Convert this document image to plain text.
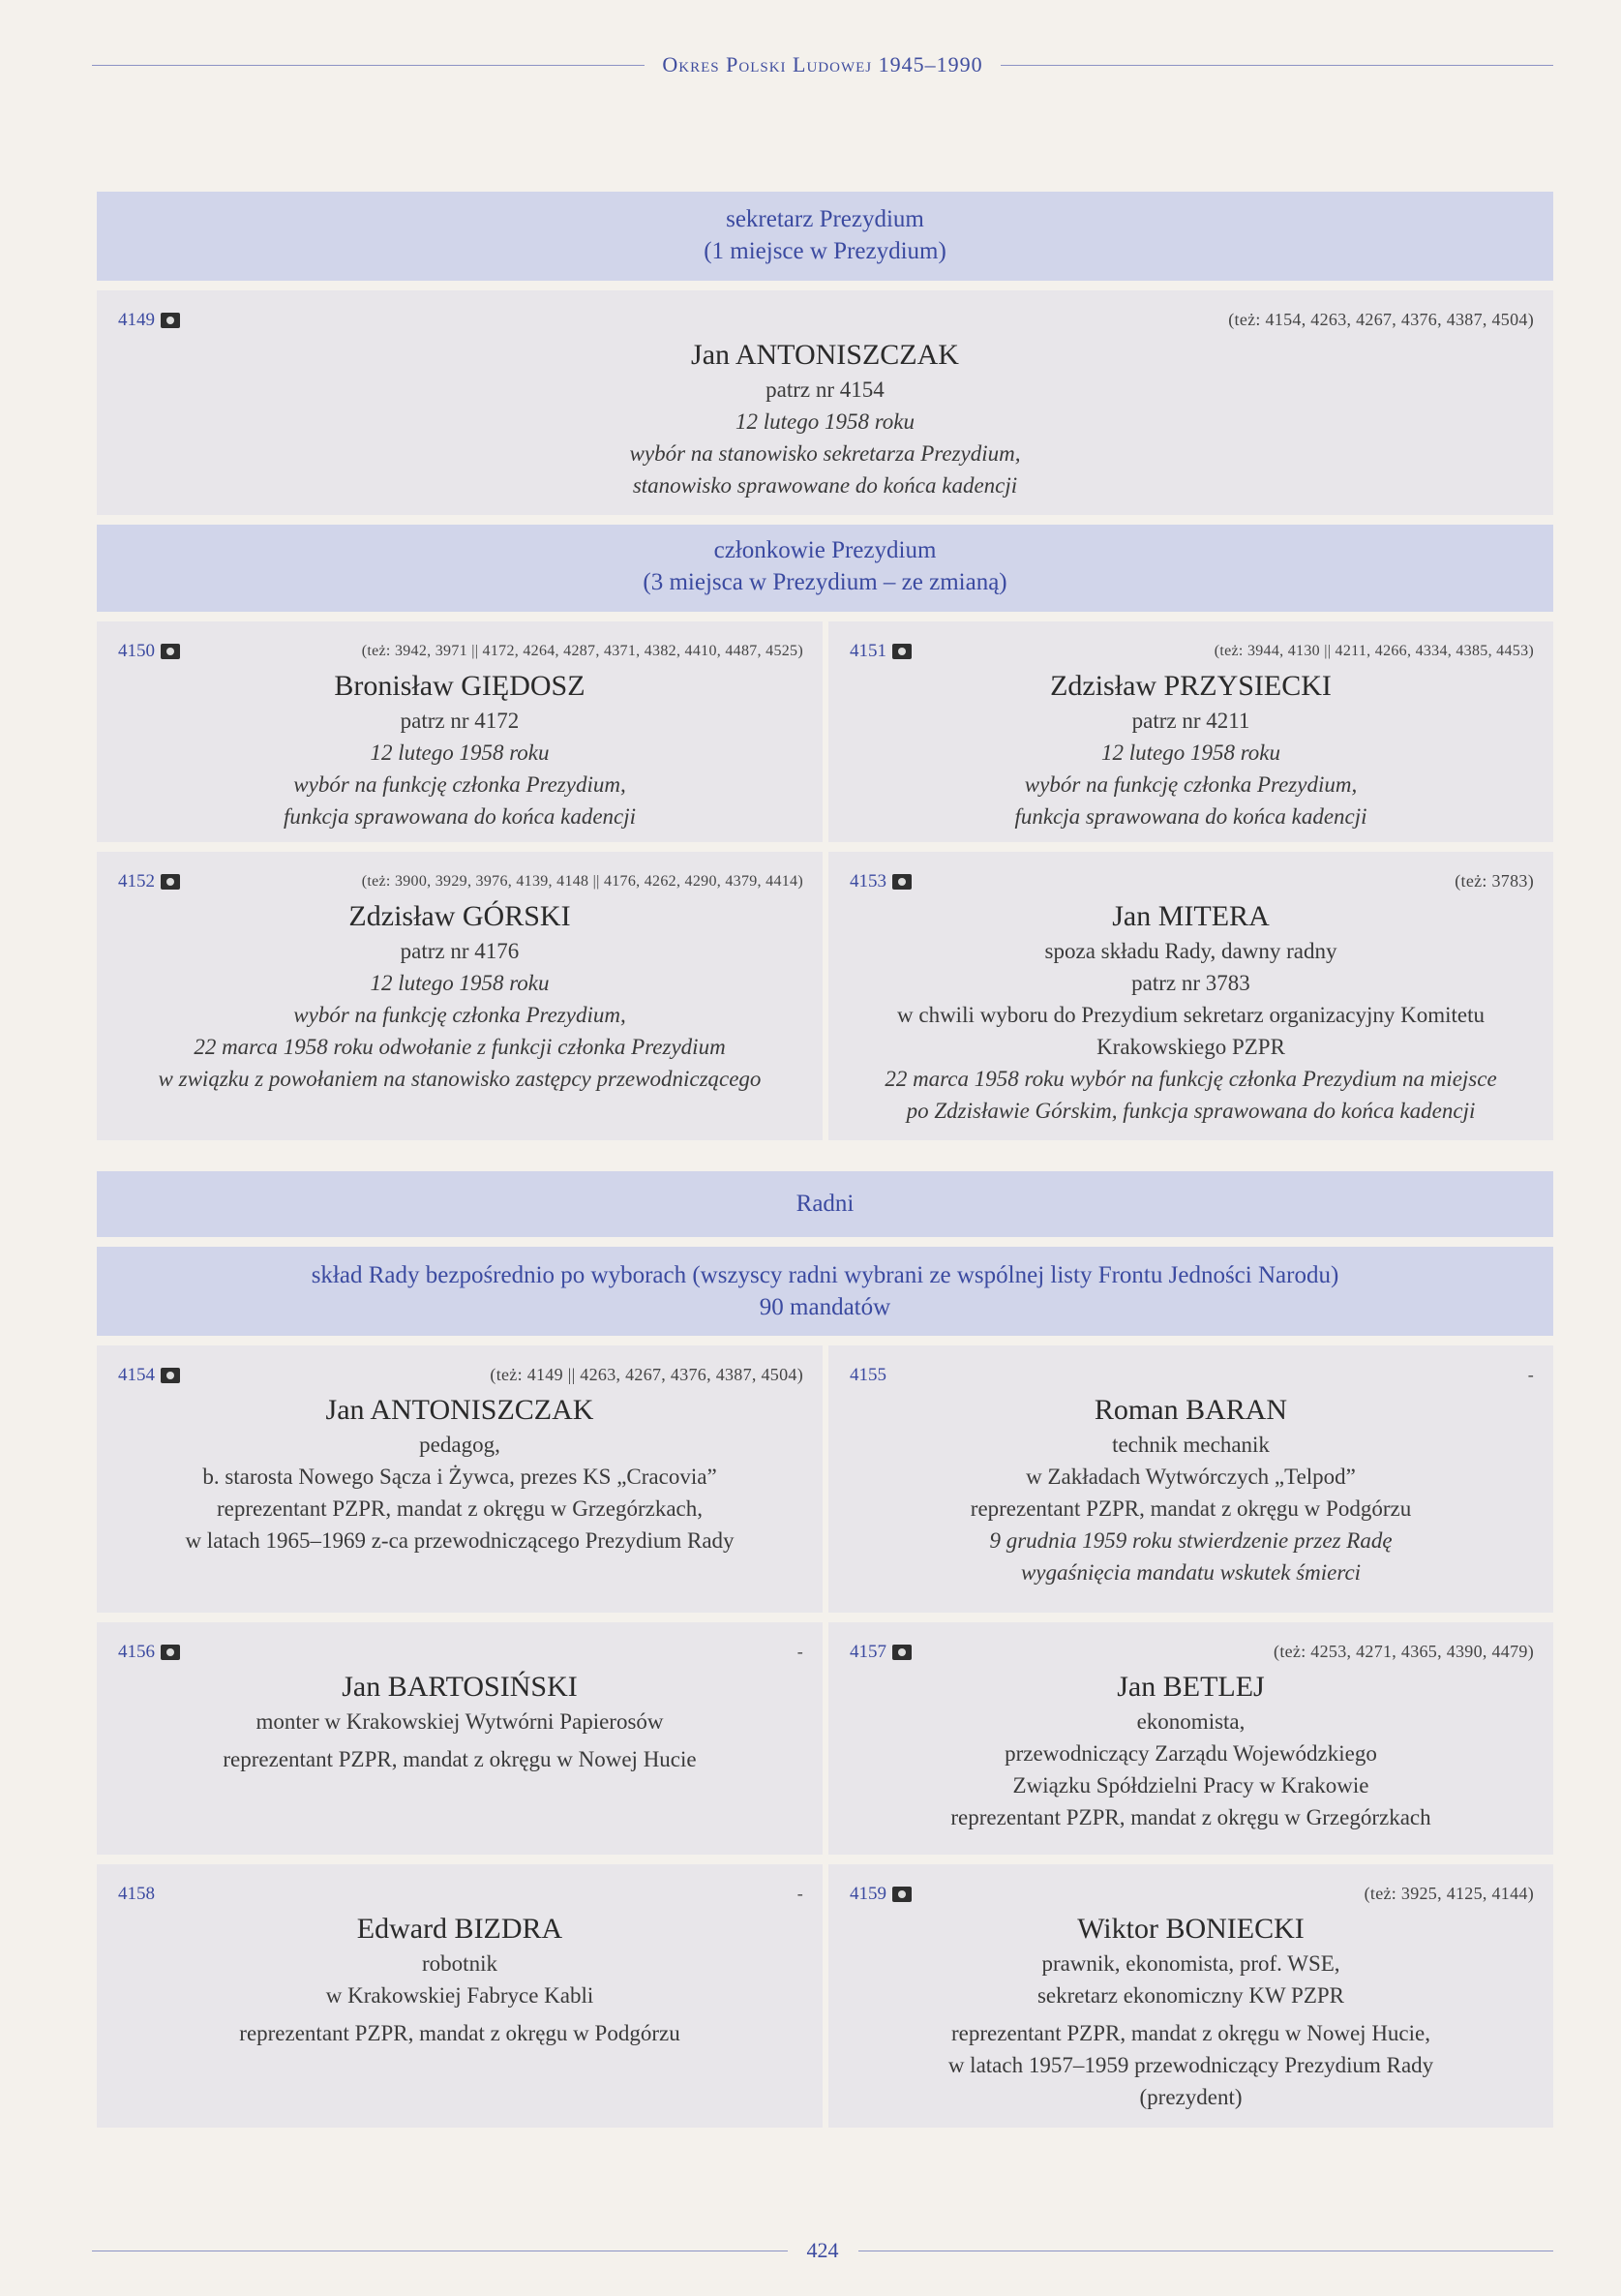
Okres Polski Ludowej 1945–1990
sekretarz Prezydium
(1 miejsce w Prezydium)
4149	(też: 4154, 4263, 4267, 4376, 4387, 4504)
Jan ANTONISZCZAK
patrz nr 4154
12 lutego 1958 roku
wybór na stanowisko sekretarza Prezydium,
stanowisko sprawowane do końca kadencji
członkowie Prezydium
(3 miejsca w Prezydium – ze zmianą)
4150	(też: 3942, 3971 || 4172, 4264, 4287, 4371, 4382, 4410, 4487, 4525)
Bronisław GIĘDOSZ
patrz nr 4172
12 lutego 1958 roku
wybór na funkcję członka Prezydium,
funkcja sprawowana do końca kadencji
4151	(też: 3944, 4130 || 4211, 4266, 4334, 4385, 4453)
Zdzisław PRZYSIECKI
patrz nr 4211
12 lutego 1958 roku
wybór na funkcję członka Prezydium,
funkcja sprawowana do końca kadencji
4152	(też: 3900, 3929, 3976, 4139, 4148 || 4176, 4262, 4290, 4379, 4414)
Zdzisław GÓRSKI
patrz nr 4176
12 lutego 1958 roku
wybór na funkcję członka Prezydium,
22 marca 1958 roku odwołanie z funkcji członka Prezydium
w związku z powołaniem na stanowisko zastępcy przewodniczącego
4153	(też: 3783)
Jan MITERA
spoza składu Rady, dawny radny
patrz nr 3783
w chwili wyboru do Prezydium sekretarz organizacyjny Komitetu
Krakowskiego PZPR
22 marca 1958 roku wybór na funkcję członka Prezydium na miejsce
po Zdzisławie Górskim, funkcja sprawowana do końca kadencji
Radni
skład Rady bezpośrednio po wyborach (wszyscy radni wybrani ze wspólnej listy Frontu Jedności Narodu)
90 mandatów
4154	(też: 4149 || 4263, 4267, 4376, 4387, 4504)
Jan ANTONISZCZAK
pedagog,
b. starosta Nowego Sącza i Żywca, prezes KS „Cracovia”
reprezentant PZPR, mandat z okręgu w Grzegórzkach,
w latach 1965–1969 z-ca przewodniczącego Prezydium Rady
4155	-
Roman BARAN
technik mechanik
w Zakładach Wytwórczych „Telpod”
reprezentant PZPR, mandat z okręgu w Podgórzu
9 grudnia 1959 roku stwierdzenie przez Radę
wygaśnięcia mandatu wskutek śmierci
4156	-
Jan BARTOSIŃSKI
monter w Krakowskiej Wytwórni Papierosów
reprezentant PZPR, mandat z okręgu w Nowej Hucie
4157	(też: 4253, 4271, 4365, 4390, 4479)
Jan BETLEJ
ekonomista,
przewodniczący Zarządu Wojewódzkiego
Związku Spółdzielni Pracy w Krakowie
reprezentant PZPR, mandat z okręgu w Grzegórzkach
4158	-
Edward BIZDRA
robotnik
w Krakowskiej Fabryce Kabli
reprezentant PZPR, mandat z okręgu w Podgórzu
4159	(też: 3925, 4125, 4144)
Wiktor BONIECKI
prawnik, ekonomista, prof. WSE,
sekretarz ekonomiczny KW PZPR
reprezentant PZPR, mandat z okręgu w Nowej Hucie,
w latach 1957–1959 przewodniczący Prezydium Rady
(prezydent)
424
